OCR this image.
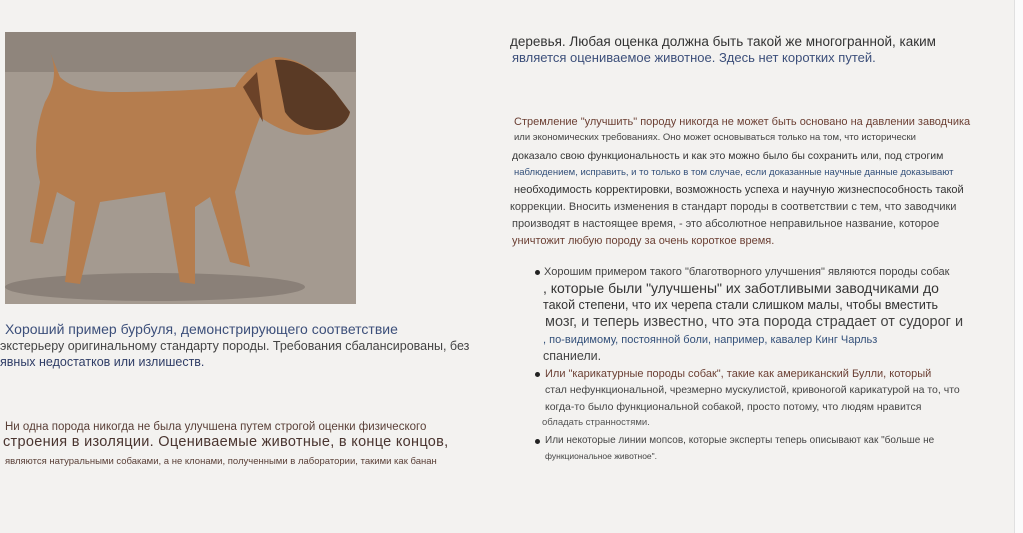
Хороший пример бурбуля, демонстрирующего соответствие
экстерьеру оригинальному стандарту породы. Требования сбалансированы, без
явных недостатков или излишеств.
Ни одна порода никогда не была улучшена путем строгой оценки физического
строения в изоляции. Оцениваемые животные, в конце концов,
являются натуральными собаками, а не клонами, полученными в лаборатории, такими как банан
деревья. Любая оценка должна быть такой же многогранной, каким
является оцениваемое животное. Здесь нет коротких путей.
Стремление "улучшить" породу никогда не может быть основано на давлении заводчика
или экономических требованиях. Оно может основываться только на том, что исторически
доказало свою функциональность и как это можно было бы сохранить или, под строгим
наблюдением, исправить, и то только в том случае, если доказанные научные данные доказывают
необходимость корректировки, возможность успеха и научную жизнеспособность такой
коррекции. Вносить изменения в стандарт породы в соответствии с тем, что заводчики
производят в настоящее время, - это абсолютное неправильное название, которое
уничтожит любую породу за очень короткое время.
Хорошим примером такого "благотворного улучшения" являются породы собак
, которые были "улучшены" их заботливыми заводчиками до
такой степени, что их черепа стали слишком малы, чтобы вместить
мозг, и теперь известно, что эта порода страдает от судорог и
, по-видимому, постоянной боли, например, кавалер Кинг Чарльз
спаниели.
Или "карикатурные породы собак", такие как американский Булли, который
стал нефункциональной, чрезмерно мускулистой, кривоногой карикатурой на то, что
когда-то было функциональной собакой, просто потому, что людям нравится
обладать странностями.
Или некоторые линии мопсов, которые эксперты теперь описывают как "больше не
функциональное животное".
